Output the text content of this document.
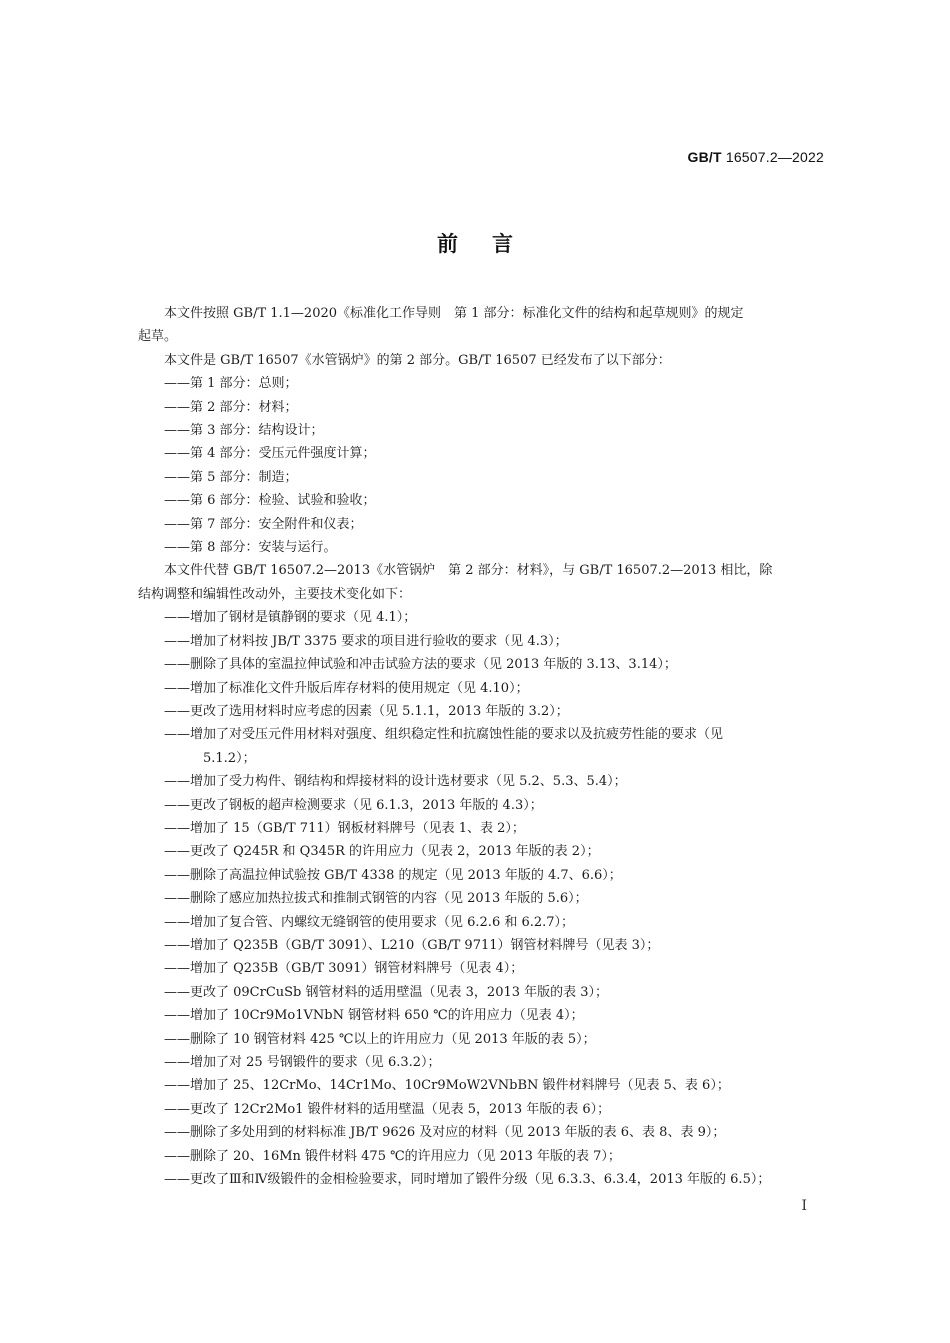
GB/T 16507.2—2022
前言
本文件按照 GB/T 1.1—2020《标准化工作导则　第 1 部分：标准化文件的结构和起草规则》的规定
起草。
本文件是 GB/T 16507《水管锅炉》的第 2 部分。GB/T 16507 已经发布了以下部分：
——第 1 部分：总则；
——第 2 部分：材料；
——第 3 部分：结构设计；
——第 4 部分：受压元件强度计算；
——第 5 部分：制造；
——第 6 部分：检验、试验和验收；
——第 7 部分：安全附件和仪表；
——第 8 部分：安装与运行。
本文件代替 GB/T 16507.2—2013《水管锅炉　第 2 部分：材料》，与 GB/T 16507.2—2013 相比，除
结构调整和编辑性改动外，主要技术变化如下：
——增加了钢材是镇静钢的要求（见 4.1）；
——增加了材料按 JB/T 3375 要求的项目进行验收的要求（见 4.3）；
——删除了具体的室温拉伸试验和冲击试验方法的要求（见 2013 年版的 3.13、3.14）；
——增加了标准化文件升版后库存材料的使用规定（见 4.10）；
——更改了选用材料时应考虑的因素（见 5.1.1，2013 年版的 3.2）；
——增加了对受压元件用材料对强度、组织稳定性和抗腐蚀性能的要求以及抗疲劳性能的要求（见
5.1.2）；
——增加了受力构件、钢结构和焊接材料的设计选材要求（见 5.2、5.3、5.4）；
——更改了钢板的超声检测要求（见 6.1.3，2013 年版的 4.3）；
——增加了 15（GB/T 711）钢板材料牌号（见表 1、表 2）；
——更改了 Q245R 和 Q345R 的许用应力（见表 2，2013 年版的表 2）；
——删除了高温拉伸试验按 GB/T 4338 的规定（见 2013 年版的 4.7、6.6）；
——删除了感应加热拉拔式和推制式钢管的内容（见 2013 年版的 5.6）；
——增加了复合管、内螺纹无缝钢管的使用要求（见 6.2.6 和 6.2.7）；
——增加了 Q235B（GB/T 3091）、L210（GB/T 9711）钢管材料牌号（见表 3）；
——增加了 Q235B（GB/T 3091）钢管材料牌号（见表 4）；
——更改了 09CrCuSb 钢管材料的适用壁温（见表 3，2013 年版的表 3）；
——增加了 10Cr9Mo1VNbN 钢管材料 650 ℃的许用应力（见表 4）；
——删除了 10 钢管材料 425 ℃以上的许用应力（见 2013 年版的表 5）；
——增加了对 25 号钢锻件的要求（见 6.3.2）；
——增加了 25、12CrMo、14Cr1Mo、10Cr9MoW2VNbBN 锻件材料牌号（见表 5、表 6）；
——更改了 12Cr2Mo1 锻件材料的适用壁温（见表 5，2013 年版的表 6）；
——删除了多处用到的材料标准 JB/T 9626 及对应的材料（见 2013 年版的表 6、表 8、表 9）；
——删除了 20、16Mn 锻件材料 475 ℃的许用应力（见 2013 年版的表 7）；
——更改了Ⅲ和Ⅳ级锻件的金相检验要求，同时增加了锻件分级（见 6.3.3、6.3.4，2013 年版的 6.5）；
I
